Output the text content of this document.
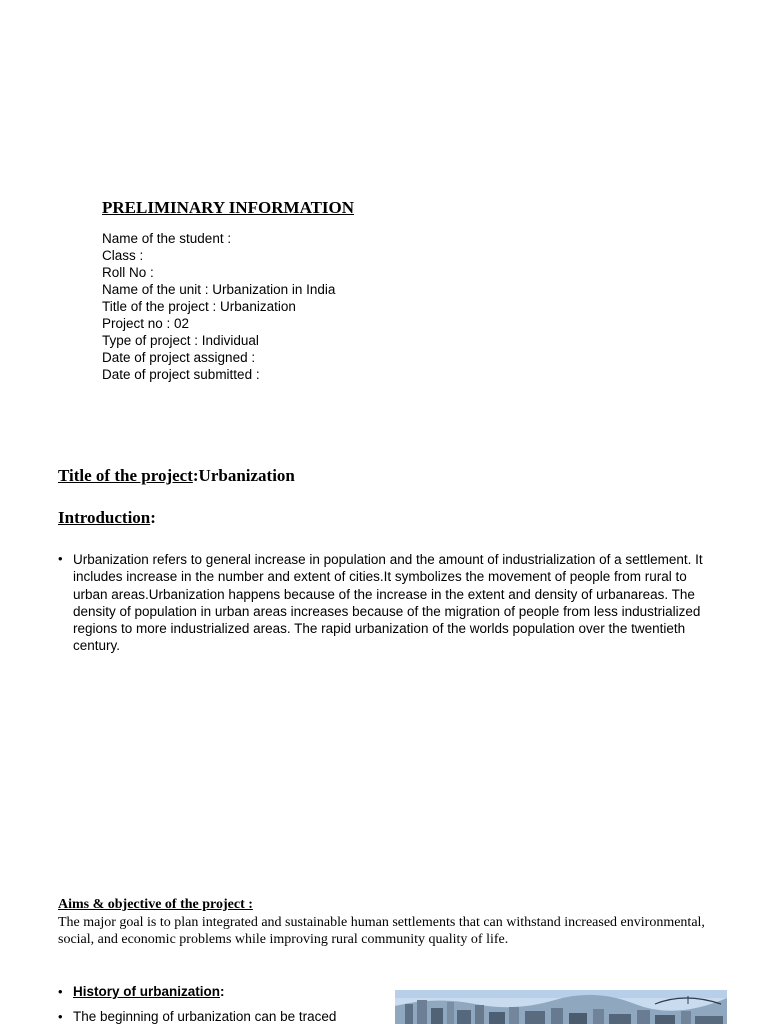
PRELIMINARY INFORMATION
Name of the student :
Class :
Roll No :
Name of the unit : Urbanization in India
Title of the project : Urbanization
Project no : 02
Type of project : Individual
Date of project assigned :
Date of project submitted :
Title of the project:Urbanization
Introduction:
• Urbanization refers to general increase in population and the amount of industrialization of a settlement. It includes increase in the number and extent of cities.It symbolizes the movement of people from rural to urban areas.Urbanization happens because of the increase in the extent and density of urbanareas. The density of population in urban areas increases because of the migration of people from less industrialized regions to more industrialized areas. The rapid urbanization of the worlds population over the twentieth century.

Aims & objective of the project :

The major goal is to plan integrated and sustainable human settlements that can withstand increased environmental, social, and economic problems while improving rural community quality of life.

• History of urbanization:
• The beginning of urbanization can be traced
